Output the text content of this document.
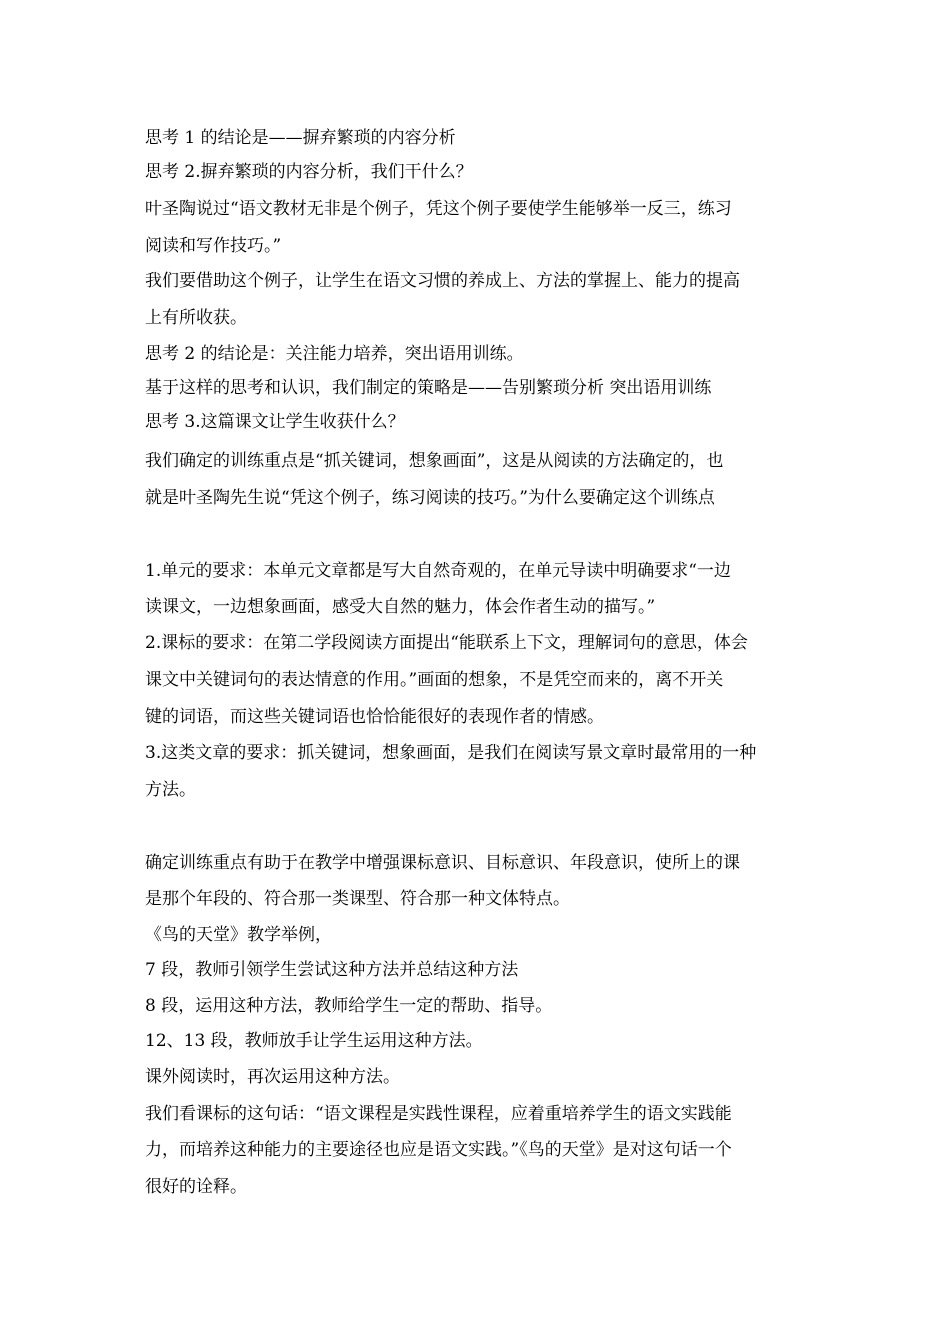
思考 1 的结论是——摒弃繁琐的内容分析
思考 2.摒弃繁琐的内容分析，我们干什么？
叶圣陶说过“语文教材无非是个例子，凭这个例子要使学生能够举一反三，练习
阅读和写作技巧。”
我们要借助这个例子，让学生在语文习惯的养成上、方法的掌握上、能力的提高
上有所收获。
思考 2 的结论是：关注能力培养，突出语用训练。
基于这样的思考和认识，我们制定的策略是——告别繁琐分析 突出语用训练
思考 3.这篇课文让学生收获什么？
我们确定的训练重点是“抓关键词，想象画面”，这是从阅读的方法确定的，也
就是叶圣陶先生说“凭这个例子，练习阅读的技巧。”为什么要确定这个训练点
1.单元的要求：本单元文章都是写大自然奇观的，在单元导读中明确要求“一边
读课文，一边想象画面，感受大自然的魅力，体会作者生动的描写。”
2.课标的要求：在第二学段阅读方面提出“能联系上下文，理解词句的意思，体会
课文中关键词句的表达情意的作用。”画面的想象，不是凭空而来的，离不开关
键的词语，而这些关键词语也恰恰能很好的表现作者的情感。
3.这类文章的要求：抓关键词，想象画面，是我们在阅读写景文章时最常用的一种
方法。
确定训练重点有助于在教学中增强课标意识、目标意识、年段意识，使所上的课
是那个年段的、符合那一类课型、符合那一种文体特点。
《鸟的天堂》教学举例，
7 段，教师引领学生尝试这种方法并总结这种方法
8 段，运用这种方法，教师给学生一定的帮助、指导。
12、13 段，教师放手让学生运用这种方法。
课外阅读时，再次运用这种方法。
我们看课标的这句话：“语文课程是实践性课程，应着重培养学生的语文实践能
力，而培养这种能力的主要途径也应是语文实践。”《鸟的天堂》是对这句话一个
很好的诠释。
